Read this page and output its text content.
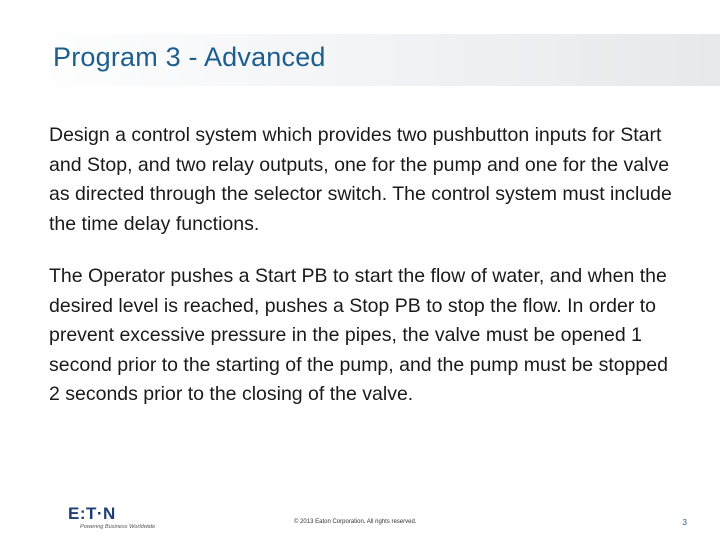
Program 3 - Advanced
Design a control system which provides two pushbutton inputs for Start and Stop, and two relay outputs, one for the pump and one for the valve as directed through the selector switch. The control system must include the time delay functions.
The Operator pushes a Start PB to start the flow of water, and when the desired level is reached, pushes a Stop PB to stop the flow. In order to prevent excessive pressure in the pipes, the valve must be opened 1 second prior to the starting of the pump, and the pump must be stopped 2 seconds prior to the closing of the valve.
E:T·N
Powering Business Worldwide
© 2013 Eaton Corporation. All rights reserved.	3
